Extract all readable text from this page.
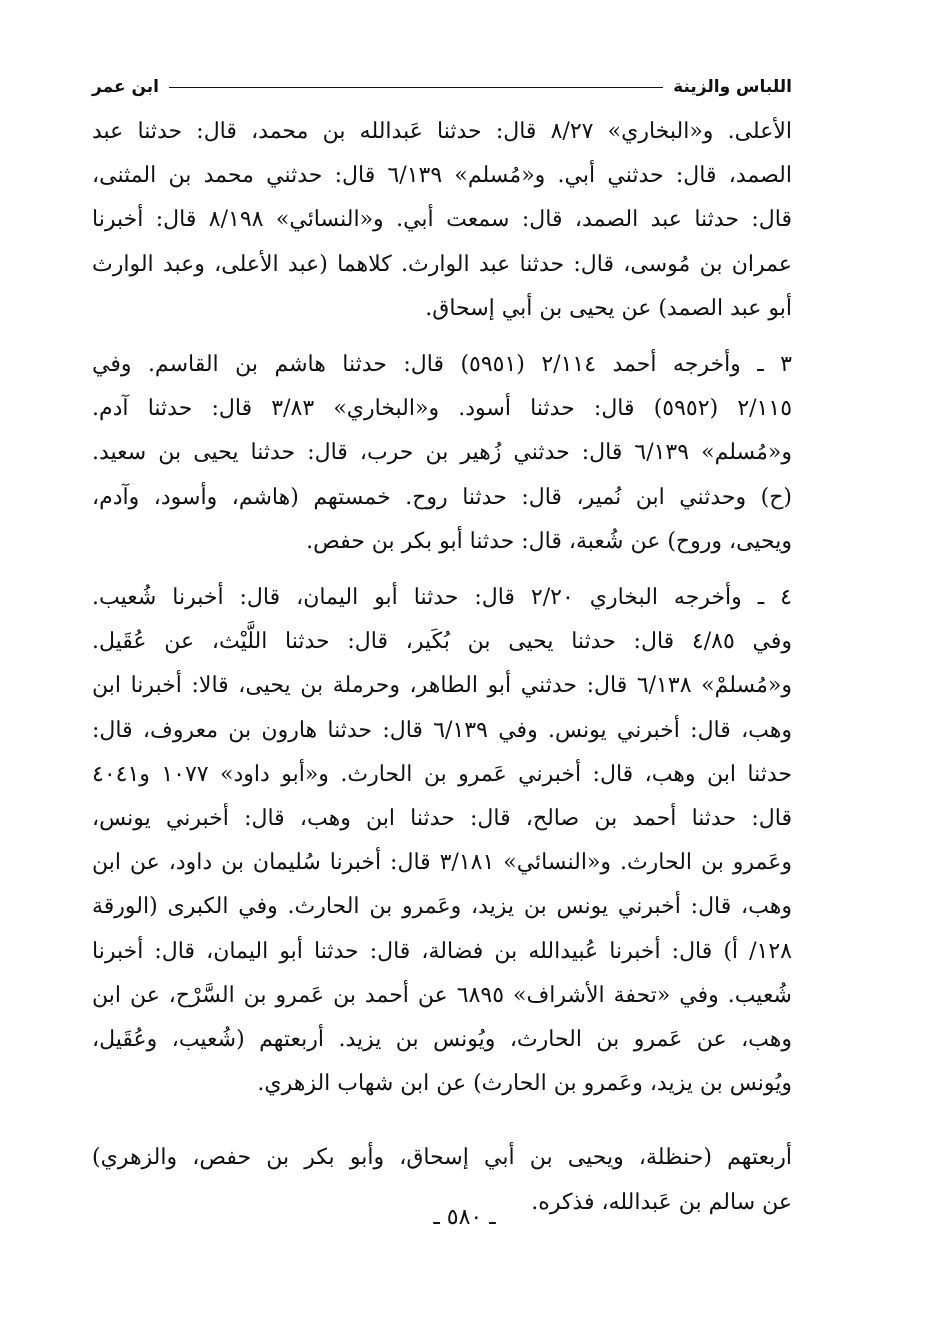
اللباس والزينة
ابن عمر

الأعلى. و«البخاري» ٨/٢٧ قال: حدثنا عَبدالله بن محمد، قال: حدثنا عبد
الصمد، قال: حدثني أبي. و«مُسلم» ٦/١٣٩ قال: حدثني محمد بن المثنى،
قال: حدثنا عبد الصمد، قال: سمعت أبي. و«النسائي» ٨/١٩٨ قال: أخبرنا
عمران بن مُوسى، قال: حدثنا عبد الوارث. كلاهما (عبد الأعلى، وعبد الوارث
أبو عبد الصمد) عن يحيى بن أبي إسحاق.

٣ ـ وأخرجه أحمد ٢/١١٤ (٥٩٥١) قال: حدثنا هاشم بن القاسم. وفي
٢/١١٥ (٥٩٥٢) قال: حدثنا أسود. و«البخاري» ٣/٨٣ قال: حدثنا آدم.
و«مُسلم» ٦/١٣٩ قال: حدثني زُهير بن حرب، قال: حدثنا يحيى بن سعيد.
(ح) وحدثني ابن نُمير، قال: حدثنا روح. خمستهم (هاشم، وأسود، وآدم،
ويحيى، وروح) عن شُعبة، قال: حدثنا أبو بكر بن حفص.

٤ ـ وأخرجه البخاري ٢/٢٠ قال: حدثنا أبو اليمان، قال: أخبرنا شُعيب.
وفي ٤/٨٥ قال: حدثنا يحيى بن بُكَير، قال: حدثنا اللَّيْث، عن عُقَيل.
و«مُسلمْ» ٦/١٣٨ قال: حدثني أبو الطاهر، وحرملة بن يحيى، قالا: أخبرنا ابن
وهب، قال: أخبرني يونس. وفي ٦/١٣٩ قال: حدثنا هارون بن معروف، قال:
حدثنا ابن وهب، قال: أخبرني عَمرو بن الحارث. و«أبو داود» ١٠٧٧ و٤٠٤١
قال: حدثنا أحمد بن صالح، قال: حدثنا ابن وهب، قال: أخبرني يونس،
وعَمرو بن الحارث. و«النسائي» ٣/١٨١ قال: أخبرنا سُليمان بن داود، عن ابن
وهب، قال: أخبرني يونس بن يزيد، وعَمرو بن الحارث. وفي الكبرى (الورقة
١٢٨/ أ) قال: أخبرنا عُبيدالله بن فضالة، قال: حدثنا أبو اليمان، قال: أخبرنا
شُعيب. وفي «تحفة الأشراف» ٦٨٩٥ عن أحمد بن عَمرو بن السَّرْح، عن ابن
وهب، عن عَمرو بن الحارث، ويُونس بن يزيد. أربعتهم (شُعيب، وعُقَيل،
ويُونس بن يزيد، وعَمرو بن الحارث) عن ابن شهاب الزهري.

أربعتهم (حنظلة، ويحيى بن أبي إسحاق، وأبو بكر بن حفص، والزهري)
عن سالم بن عَبدالله، فذكره.

ـ ٥٨٠ ـ
